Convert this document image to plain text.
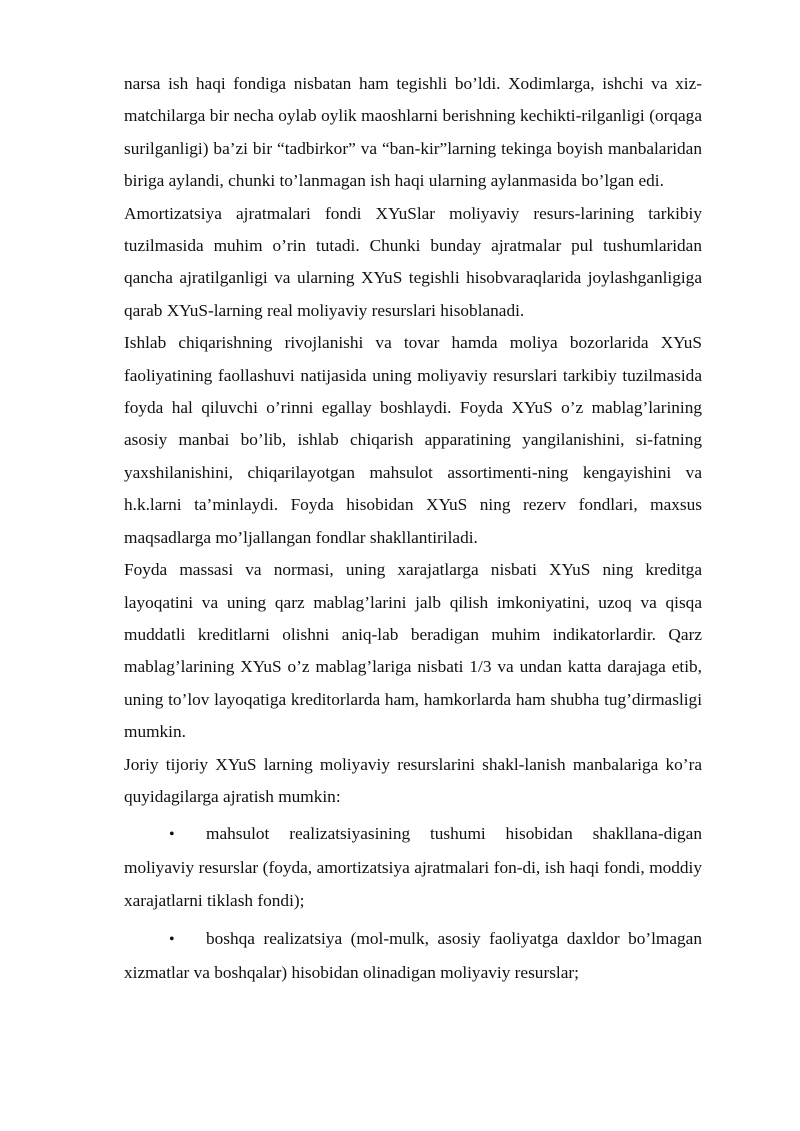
narsa ish haqi fondiga nisbatan ham tegishli bo’ldi. Xodimlarga, ishchi va xiz-matchilarga bir necha oylab oylik maoshlarni berishning kechikti-rilganligi (orqaga surilganligi) ba’zi bir “tadbirkor” va “ban-kir”larning tekinga boyish manbalaridan biriga aylandi, chunki to’lanmagan ish haqi ularning aylanmasida bo’lgan edi.

Amortizatsiya ajratmalari fondi XYuSlar moliyaviy resurs-larining tarkibiy tuzilmasida muhim o’rin tutadi. Chunki bunday ajratmalar pul tushumlaridan qancha ajratilganligi va ularning XYuS tegishli hisobvaraqlarida joylashganligiga qarab XYuS-larning real moliyaviy resurslari hisoblanadi.

Ishlab chiqarishning rivojlanishi va tovar hamda moliya bozorlarida XYuS faoliyatining faollashuvi natijasida uning moliyaviy resurslari tarkibiy tuzilmasida foyda hal qiluvchi o’rinni egallay boshlaydi. Foyda XYuS o’z mablag’larining asosiy manbai bo’lib, ishlab chiqarish apparatining yangilanishini, si-fatning yaxshilanishini, chiqarilayotgan mahsulot assortimenti-ning kengayishini va h.k.larni ta’minlaydi. Foyda hisobidan XYuS ning rezerv fondlari, maxsus maqsadlarga mo’ljallangan fondlar shakllantiriladi.

Foyda massasi va normasi, uning xarajatlarga nisbati XYuS ning kreditga layoqatini va uning qarz mablag’larini jalb qilish imkoniyatini, uzoq va qisqa muddatli kreditlarni olishni aniq-lab beradigan muhim indikatorlardir. Qarz mablag’larining XYuS o’z mablag’lariga nisbati 1/3 va undan katta darajaga etib, uning to’lov layoqatiga kreditorlarda ham, hamkorlarda ham shubha tug’dirmasligi mumkin.

Joriy tijoriy XYuS larning moliyaviy resurslarini shakl-lanish manbalariga ko’ra quyidagilarga ajratish mumkin:

• mahsulot realizatsiyasining tushumi hisobidan shakllana-digan moliyaviy resurslar (foyda, amortizatsiya ajratmalari fon-di, ish haqi fondi, moddiy xarajatlarni tiklash fondi);

• boshqa realizatsiya (mol-mulk, asosiy faoliyatga daxldor bo’lmagan xizmatlar va boshqalar) hisobidan olinadigan moliyaviy resurslar;
